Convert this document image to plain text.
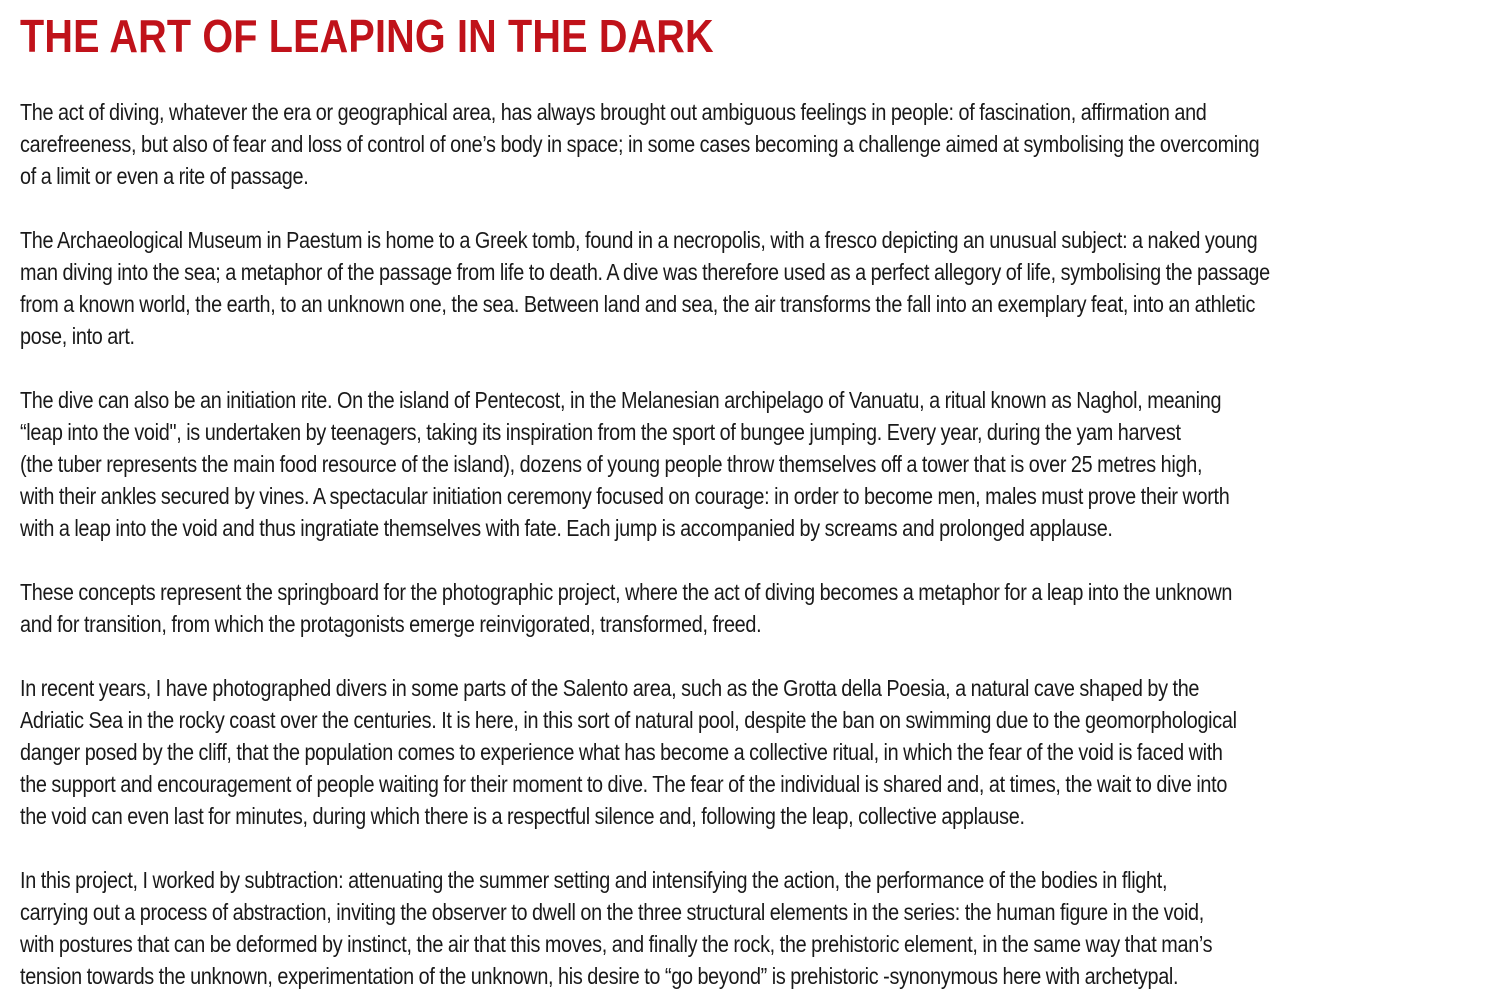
THE ART OF LEAPING IN THE DARK

The act of diving, whatever the era or geographical area, has always brought out ambiguous feelings in people: of fascination, affirmation and
carefreeness, but also of fear and loss of control of one’s body in space; in some cases becoming a challenge aimed at symbolising the overcoming
of a limit or even a rite of passage.

The Archaeological Museum in Paestum is home to a Greek tomb, found in a necropolis, with a fresco depicting an unusual subject: a naked young
man diving into the sea; a metaphor of the passage from life to death. A dive was therefore used as a perfect allegory of life, symbolising the passage
from a known world, the earth, to an unknown one, the sea. Between land and sea, the air transforms the fall into an exemplary feat, into an athletic
pose, into art.

The dive can also be an initiation rite. On the island of Pentecost, in the Melanesian archipelago of Vanuatu, a ritual known as Naghol, meaning
“leap into the void", is undertaken by teenagers, taking its inspiration from the sport of bungee jumping. Every year, during the yam harvest
(the tuber represents the main food resource of the island), dozens of young people throw themselves off a tower that is over 25 metres high,
with their ankles secured by vines. A spectacular initiation ceremony focused on courage: in order to become men, males must prove their worth
with a leap into the void and thus ingratiate themselves with fate. Each jump is accompanied by screams and prolonged applause.

These concepts represent the springboard for the photographic project, where the act of diving becomes a metaphor for a leap into the unknown
and for transition, from which the protagonists emerge reinvigorated, transformed, freed.

In recent years, I have photographed divers in some parts of the Salento area, such as the Grotta della Poesia, a natural cave shaped by the
Adriatic Sea in the rocky coast over the centuries. It is here, in this sort of natural pool, despite the ban on swimming due to the geomorphological
danger posed by the cliff, that the population comes to experience what has become a collective ritual, in which the fear of the void is faced with
the support and encouragement of people waiting for their moment to dive. The fear of the individual is shared and, at times, the wait to dive into
the void can even last for minutes, during which there is a respectful silence and, following the leap, collective applause.

In this project, I worked by subtraction: attenuating the summer setting and intensifying the action, the performance of the bodies in flight,
carrying out a process of abstraction, inviting the observer to dwell on the three structural elements in the series: the human figure in the void,
with postures that can be deformed by instinct, the air that this moves, and finally the rock, the prehistoric element, in the same way that man’s
tension towards the unknown, experimentation of the unknown, his desire to “go beyond” is prehistoric -synonymous here with archetypal.
